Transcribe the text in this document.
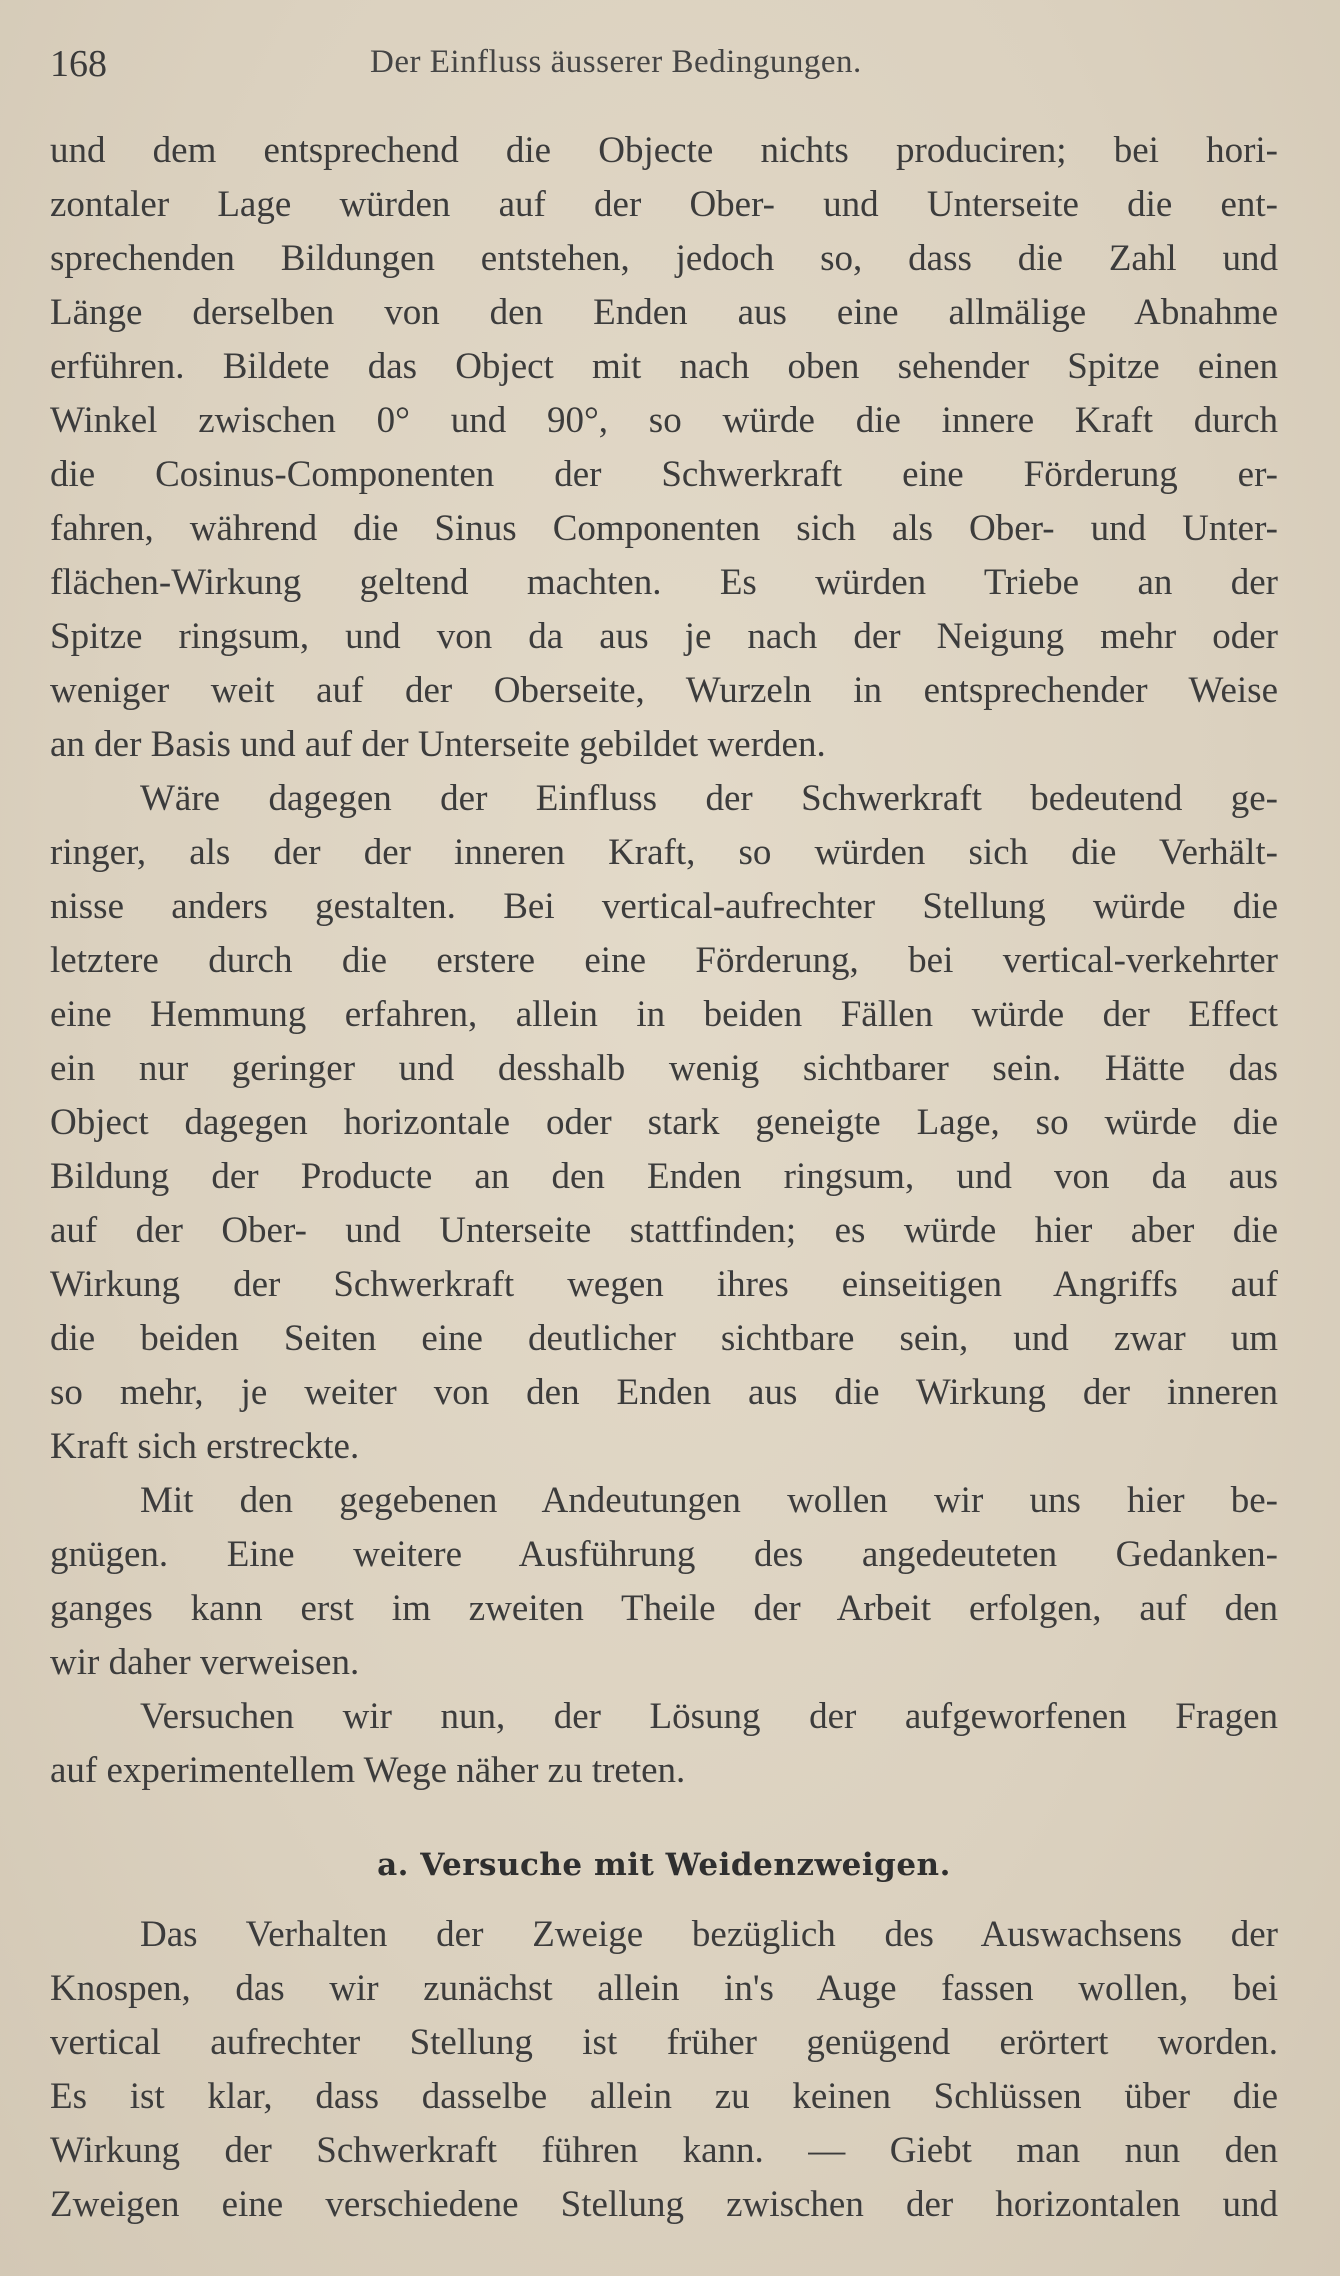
168	Der Einfluss äusserer Bedingungen.
und dem entsprechend die Objecte nichts produciren; bei hori-
zontaler Lage würden auf der Ober- und Unterseite die ent-
sprechenden Bildungen entstehen, jedoch so, dass die Zahl und
Länge derselben von den Enden aus eine allmälige Abnahme
erführen. Bildete das Object mit nach oben sehender Spitze einen
Winkel zwischen 0° und 90°, so würde die innere Kraft durch
die Cosinus-Componenten der Schwerkraft eine Förderung er-
fahren, während die Sinus Componenten sich als Ober- und Unter-
flächen-Wirkung geltend machten. Es würden Triebe an der
Spitze ringsum, und von da aus je nach der Neigung mehr oder
weniger weit auf der Oberseite, Wurzeln in entsprechender Weise
an der Basis und auf der Unterseite gebildet werden.
Wäre dagegen der Einfluss der Schwerkraft bedeutend ge-
ringer, als der der inneren Kraft, so würden sich die Verhält-
nisse anders gestalten. Bei vertical-aufrechter Stellung würde die
letztere durch die erstere eine Förderung, bei vertical-verkehrter
eine Hemmung erfahren, allein in beiden Fällen würde der Effect
ein nur geringer und desshalb wenig sichtbarer sein. Hätte das
Object dagegen horizontale oder stark geneigte Lage, so würde die
Bildung der Producte an den Enden ringsum, und von da aus
auf der Ober- und Unterseite stattfinden; es würde hier aber die
Wirkung der Schwerkraft wegen ihres einseitigen Angriffs auf
die beiden Seiten eine deutlicher sichtbare sein, und zwar um
so mehr, je weiter von den Enden aus die Wirkung der inneren
Kraft sich erstreckte.
Mit den gegebenen Andeutungen wollen wir uns hier be-
gnügen. Eine weitere Ausführung des angedeuteten Gedanken-
ganges kann erst im zweiten Theile der Arbeit erfolgen, auf den
wir daher verweisen.
Versuchen wir nun, der Lösung der aufgeworfenen Fragen
auf experimentellem Wege näher zu treten.
a. Versuche mit Weidenzweigen.
Das Verhalten der Zweige bezüglich des Auswachsens der
Knospen, das wir zunächst allein in's Auge fassen wollen, bei
vertical aufrechter Stellung ist früher genügend erörtert worden.
Es ist klar, dass dasselbe allein zu keinen Schlüssen über die
Wirkung der Schwerkraft führen kann. — Giebt man nun den
Zweigen eine verschiedene Stellung zwischen der horizontalen und
